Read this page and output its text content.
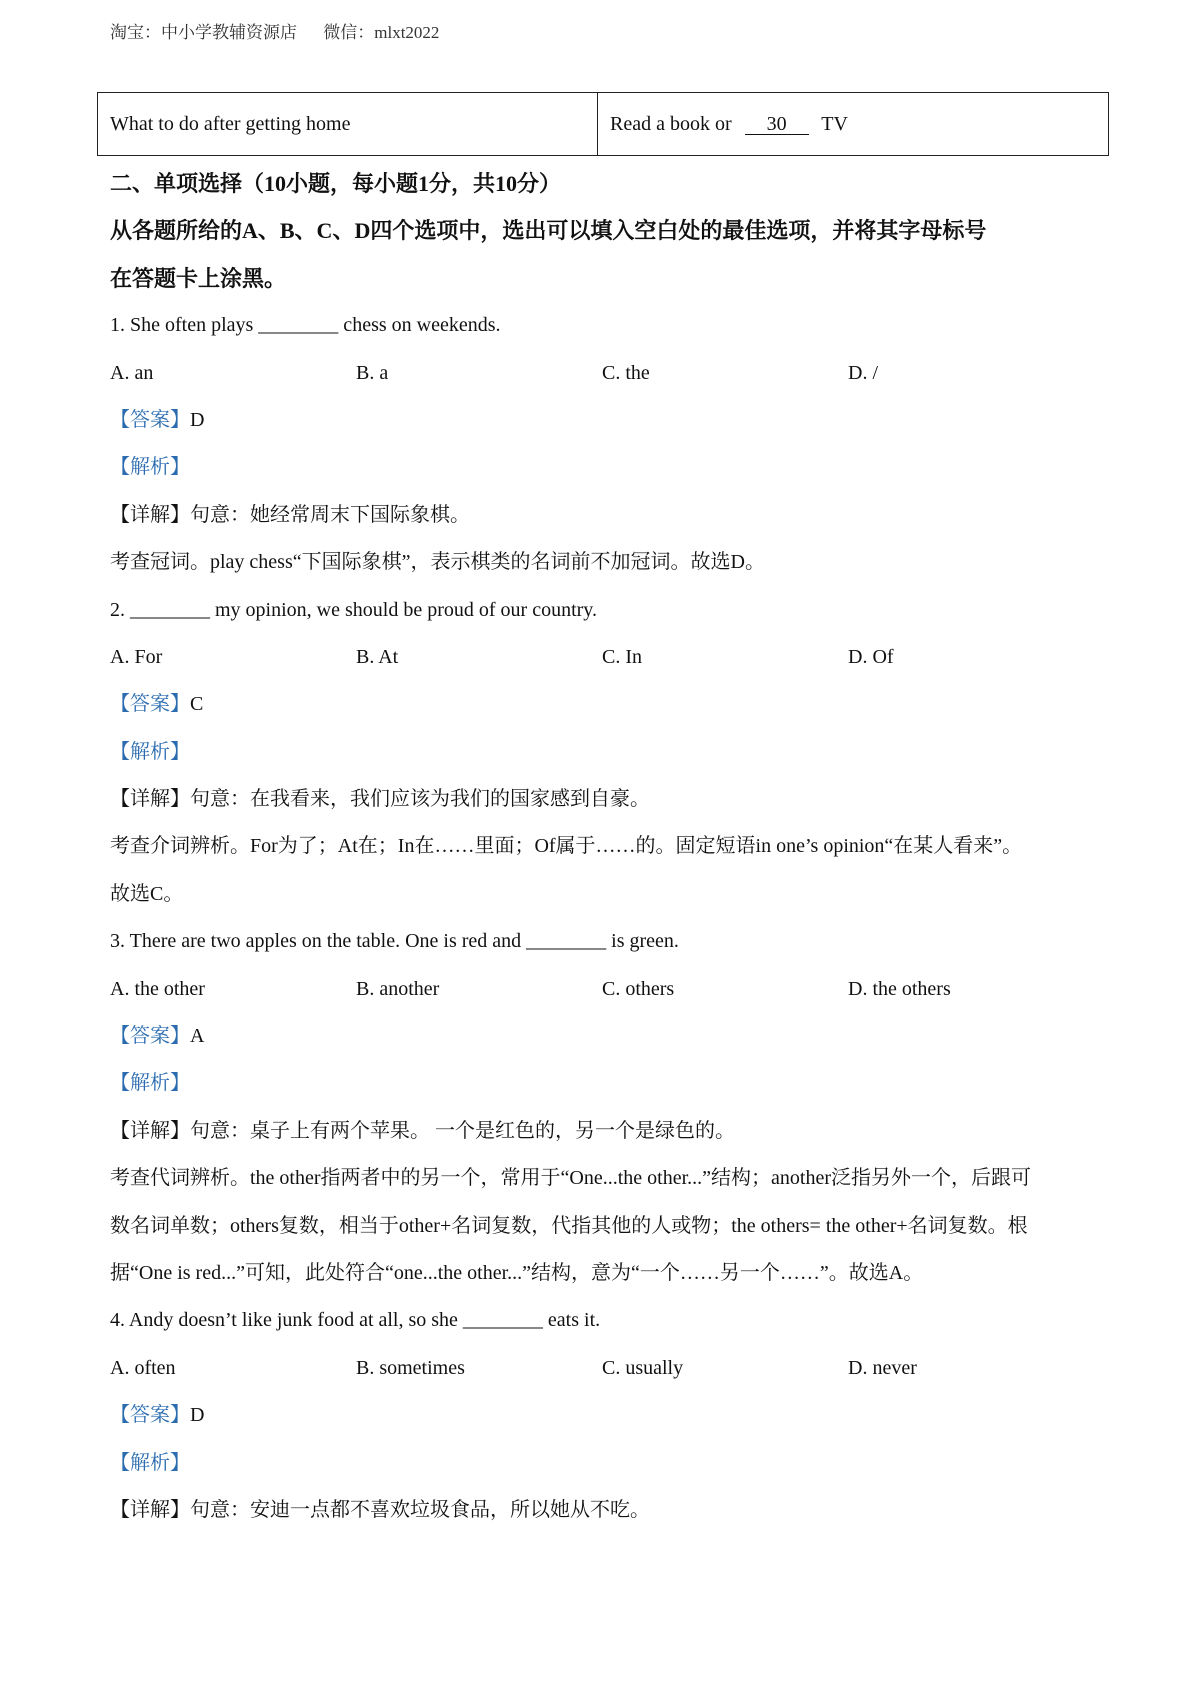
淘宝：中小学教辅资源店 微信：mlxt2022
What to do after getting home	Read a book or 30 TV
二、单项选择（10小题，每小题1分，共10分）
从各题所给的A、B、C、D四个选项中，选出可以填入空白处的最佳选项，并将其字母标号
在答题卡上涂黑。
1. She often plays ________ chess on weekends.
A. an	B. a	C. the	D. /
【答案】D
【解析】
【详解】句意：她经常周末下国际象棋。
考查冠词。play chess“下国际象棋”，表示棋类的名词前不加冠词。故选D。
2. ________ my opinion, we should be proud of our country.
A. For	B. At	C. In	D. Of
【答案】C
【解析】
【详解】句意：在我看来，我们应该为我们的国家感到自豪。
考查介词辨析。For为了；At在；In在……里面；Of属于……的。固定短语in one’s opinion“在某人看来”。
故选C。
3. There are two apples on the table. One is red and ________ is green.
A. the other	B. another	C. others	D. the others
【答案】A
【解析】
【详解】句意：桌子上有两个苹果。 一个是红色的，另一个是绿色的。
考查代词辨析。the other指两者中的另一个，常用于“One...the other...”结构；another泛指另外一个，后跟可
数名词单数；others复数，相当于other+名词复数，代指其他的人或物；the others= the other+名词复数。根
据“One is red...”可知，此处符合“one...the other...”结构，意为“一个……另一个……”。故选A。
4. Andy doesn’t like junk food at all, so she ________ eats it.
A. often	B. sometimes	C. usually	D. never
【答案】D
【解析】
【详解】句意：安迪一点都不喜欢垃圾食品，所以她从不吃。
